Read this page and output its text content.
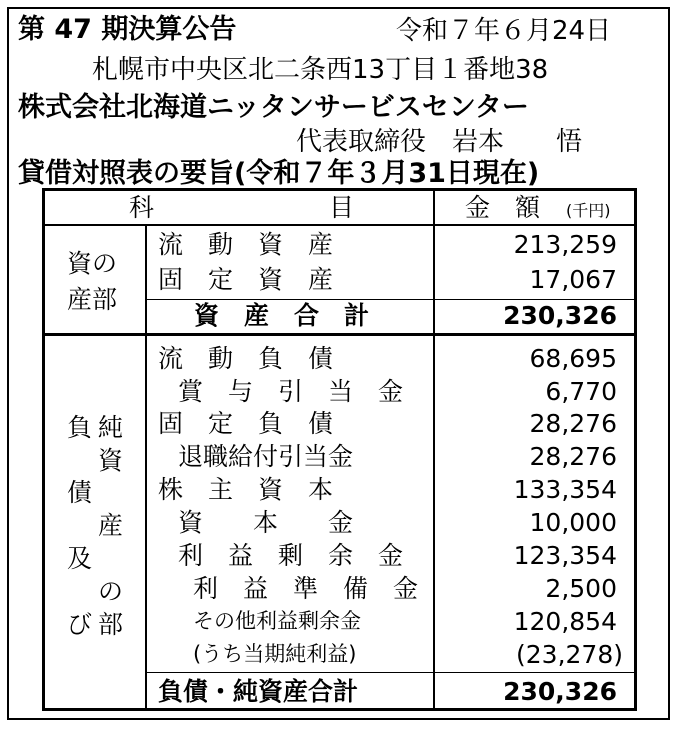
第 47 期決算公告	令和７年６月24日
札幌市中央区北二条西13丁目１番地38
株式会社北海道ニッタンサービスセンター
代表取締役　岩本　　悟
貸借対照表の要旨(令和７年３月31日現在)
科	目	金　額 (千円)
資の
産部
流　動　資　産	213,259
固　定　資　産	17,067
資　産　合　計	230,326
負
債
及
び
純
資
産
の
部
流　動　負　債	68,695
賞　与　引　当　金	6,770
固　定　負　債	28,276
退職給付引当金	28,276
株　主　資　本	133,354
資　　本　　金	10,000
利　益　剰　余　金	123,354
利　益　準　備　金	2,500
その他利益剰余金	120,854
(うち当期純利益)	(23,278)
負債・純資産合計	230,326
